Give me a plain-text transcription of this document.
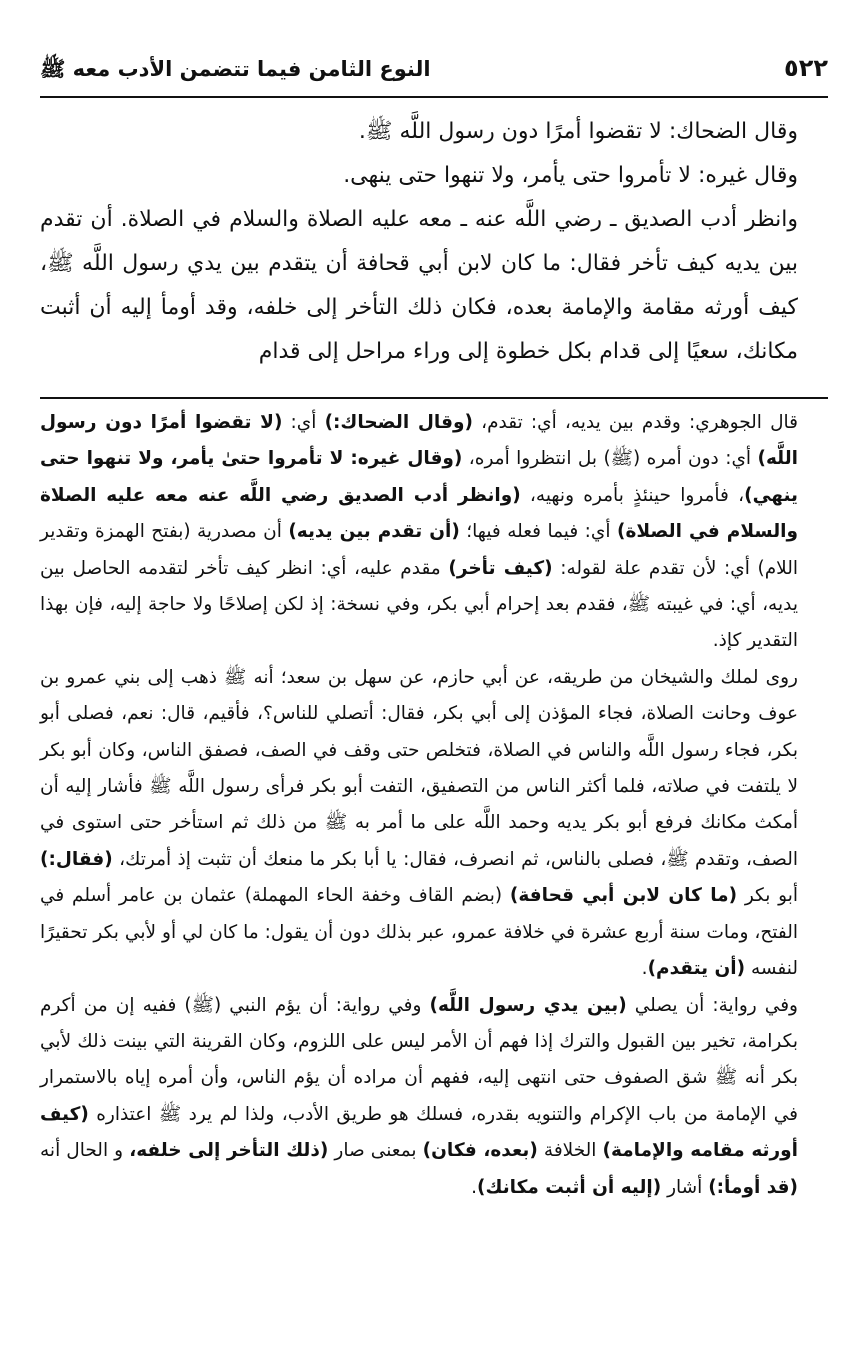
٥٢٢
النوع الثامن فيما تتضمن الأدب معه ﷺ

وقال الضحاك: لا تقضوا أمرًا دون رسول اللَّه ﷺ.

وقال غيره: لا تأمروا حتى يأمر، ولا تنهوا حتى ينهى.

وانظر أدب الصديق ـ رضي اللَّه عنه ـ معه عليه الصلاة والسلام في الصلاة. أن تقدم بين يديه كيف تأخر فقال: ما كان لابن أبي قحافة أن يتقدم بين يدي رسول اللَّه ﷺ، كيف أورثه مقامة والإمامة بعده، فكان ذلك التأخر إلى خلفه، وقد أومأ إليه أن أثبت مكانك، سعيًا إلى قدام بكل خطوة إلى وراء مراحل إلى قدام

قال الجوهري: وقدم بين يديه، أي: تقدم، (وقال الضحاك:) أي: (لا تقضوا أمرًا دون رسول اللَّه) أي: دون أمره (ﷺ) بل انتظروا أمره، (وقال غيره: لا تأمروا حتىٰ يأمر، ولا تنهوا حتى ينهي)، فأمروا حينئذٍ بأمره ونهيه، (وانظر أدب الصديق رضي اللَّه عنه معه عليه الصلاة والسلام في الصلاة) أي: فيما فعله فيها؛ (أن تقدم بين يديه) أن مصدرية (بفتح الهمزة وتقدير اللام) أي: لأن تقدم علة لقوله: (كيف تأخر) مقدم عليه، أي: انظر كيف تأخر لتقدمه الحاصل بين يديه، أي: في غيبته ﷺ، فقدم بعد إحرام أبي بكر، وفي نسخة: إذ لكن إصلاحًا ولا حاجة إليه، فإن بهذا التقدير كإذ.

روى لملك والشيخان من طريقه، عن أبي حازم، عن سهل بن سعد؛ أنه ﷺ ذهب إلى بني عمرو بن عوف وحانت الصلاة، فجاء المؤذن إلى أبي بكر، فقال: أتصلي للناس؟، فأقيم، قال: نعم، فصلى أبو بكر، فجاء رسول اللَّه والناس في الصلاة، فتخلص حتى وقف في الصف، فصفق الناس، وكان أبو بكر لا يلتفت في صلاته، فلما أكثر الناس من التصفيق، التفت أبو بكر فرأى رسول اللَّه ﷺ فأشار إليه أن أمكث مكانك فرفع أبو بكر يديه وحمد اللَّه على ما أمر به ﷺ من ذلك ثم استأخر حتى استوى في الصف، وتقدم ﷺ، فصلى بالناس، ثم انصرف، فقال: يا أبا بكر ما منعك أن تثبت إذ أمرتك، (فقال:) أبو بكر (ما كان لابن أبي قحافة) (بضم القاف وخفة الحاء المهملة) عثمان بن عامر أسلم في الفتح، ومات سنة أربع عشرة في خلافة عمرو، عبر بذلك دون أن يقول: ما كان لي أو لأبي بكر تحقيرًا لنفسه (أن يتقدم).

وفي رواية: أن يصلي (بين يدي رسول اللَّه) وفي رواية: أن يؤم النبي (ﷺ) ففيه إن من أكرم بكرامة، تخير بين القبول والترك إذا فهم أن الأمر ليس على اللزوم، وكان القرينة التي بينت ذلك لأبي بكر أنه ﷺ شق الصفوف حتى انتهى إليه، ففهم أن مراده أن يؤم الناس، وأن أمره إياه بالاستمرار في الإمامة من باب الإكرام والتنويه بقدره، فسلك هو طريق الأدب، ولذا لم يرد ﷺ اعتذاره (كيف أورثه مقامه والإمامة) الخلافة (بعده، فكان) بمعنى صار (ذلك التأخر إلى خلفه، و الحال أنه (قد أومأ:) أشار (إليه أن أثبت مكانك).
